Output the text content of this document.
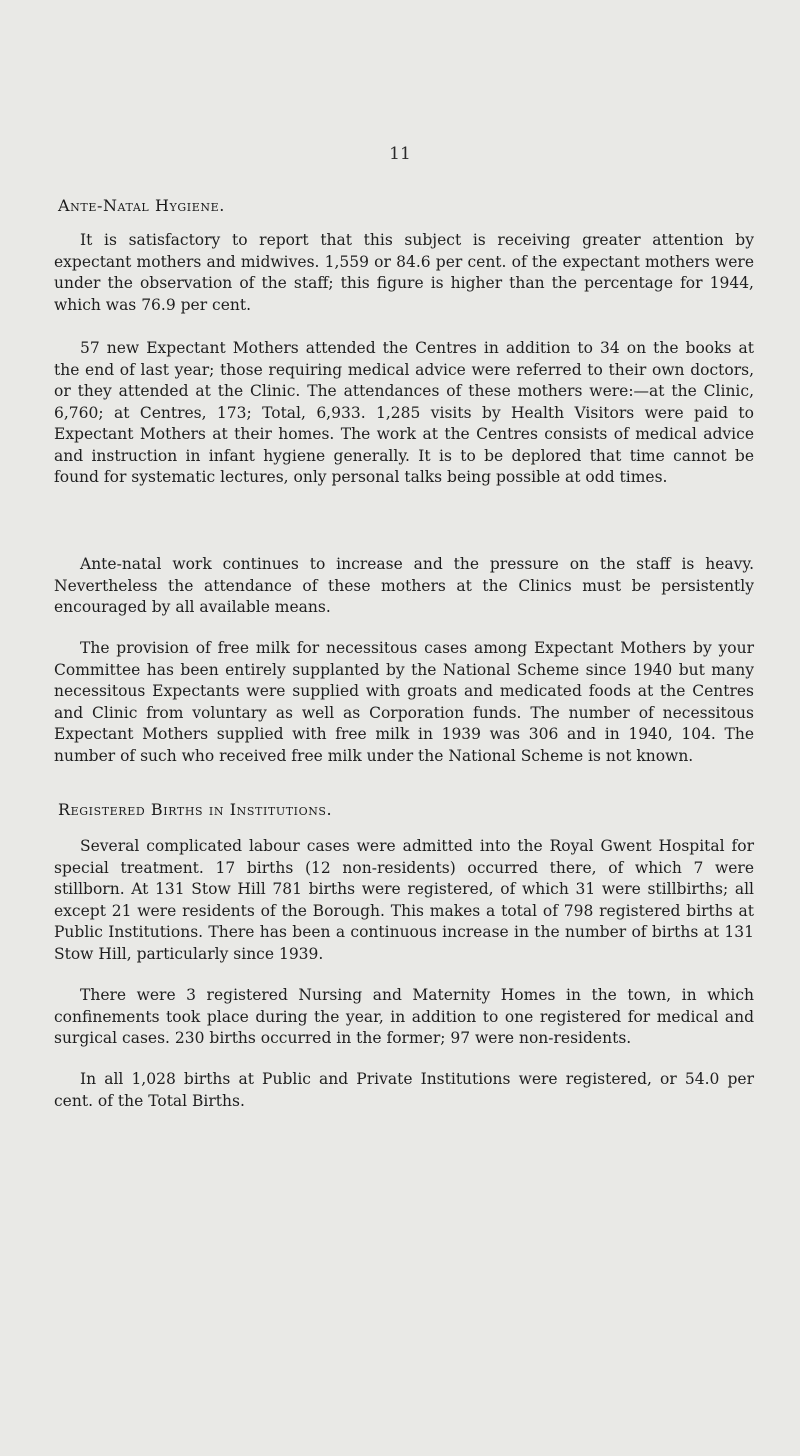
11
Ante-Natal Hygiene.

It is satisfactory to report that this subject is receiving greater attention by expectant mothers and midwives. 1,559 or 84.6 per cent. of the expectant mothers were under the observation of the staff; this figure is higher than the percentage for 1944, which was 76.9 per cent.

57 new Expectant Mothers attended the Centres in addition to 34 on the books at the end of last year; those requiring medical advice were referred to their own doctors, or they attended at the Clinic. The attendances of these mothers were:—at the Clinic, 6,760; at Centres, 173; Total, 6,933. 1,285 visits by Health Visitors were paid to Expectant Mothers at their homes. The work at the Centres consists of medical advice and instruction in infant hygiene generally. It is to be deplored that time cannot be found for systematic lectures, only personal talks being possible at odd times.

Ante-natal work continues to increase and the pressure on the staff is heavy. Nevertheless the attendance of these mothers at the Clinics must be persistently encouraged by all available means.

The provision of free milk for necessitous cases among Expectant Mothers by your Committee has been entirely supplanted by the National Scheme since 1940 but many necessitous Expectants were supplied with groats and medicated foods at the Centres and Clinic from voluntary as well as Corporation funds. The number of necessitous Expectant Mothers supplied with free milk in 1939 was 306 and in 1940, 104. The number of such who received free milk under the National Scheme is not known.

Registered Births in Institutions.

Several complicated labour cases were admitted into the Royal Gwent Hospital for special treatment. 17 births (12 non-residents) occurred there, of which 7 were stillborn. At 131 Stow Hill 781 births were registered, of which 31 were stillbirths; all except 21 were residents of the Borough. This makes a total of 798 registered births at Public Institutions. There has been a continuous increase in the number of births at 131 Stow Hill, particularly since 1939.

There were 3 registered Nursing and Maternity Homes in the town, in which confinements took place during the year, in addition to one registered for medical and surgical cases. 230 births occurred in the former; 97 were non-residents.

In all 1,028 births at Public and Private Institutions were registered, or 54.0 per cent. of the Total Births.
